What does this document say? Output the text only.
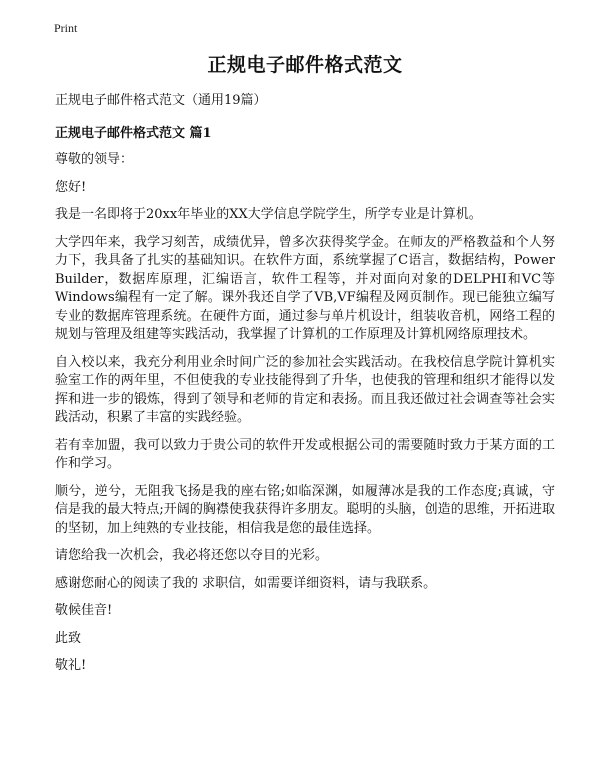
Print
正规电子邮件格式范文

正规电子邮件格式范文（通用19篇）

正规电子邮件格式范文 篇1

尊敬的领导：

您好!

我是一名即将于20xx年毕业的XX大学信息学院学生，所学专业是计算机。

大学四年来，我学习刻苦，成绩优异，曾多次获得奖学金。在师友的严格教益和个人努力下，我具备了扎实的基础知识。在软件方面，系统掌握了C语言，数据结构，Power Builder，数据库原理，汇编语言，软件工程等，并对面向对象的DELPHI和VC等Windows编程有一定了解。课外我还自学了VB,VF编程及网页制作。现已能独立编写专业的数据库管理系统。在硬件方面，通过参与单片机设计，组装收音机，网络工程的规划与管理及组建等实践活动，我掌握了计算机的工作原理及计算机网络原理技术。

自入校以来，我充分利用业余时间广泛的参加社会实践活动。在我校信息学院计算机实验室工作的两年里，不但使我的专业技能得到了升华，也使我的管理和组织才能得以发挥和进一步的锻炼，得到了领导和老师的肯定和表扬。而且我还做过社会调查等社会实践活动，积累了丰富的实践经验。

若有幸加盟，我可以致力于贵公司的软件开发或根据公司的需要随时致力于某方面的工作和学习。

顺兮，逆兮，无阻我飞扬是我的座右铭;如临深渊，如履薄冰是我的工作态度;真诚，守信是我的最大特点;开阔的胸襟使我获得许多朋友。聪明的头脑，创造的思维，开拓进取的坚韧，加上纯熟的专业技能，相信我是您的最佳选择。

请您给我一次机会，我必将还您以夺目的光彩。

感谢您耐心的阅读了我的 求职信，如需要详细资料，请与我联系。

敬候佳音!

此致

敬礼!
